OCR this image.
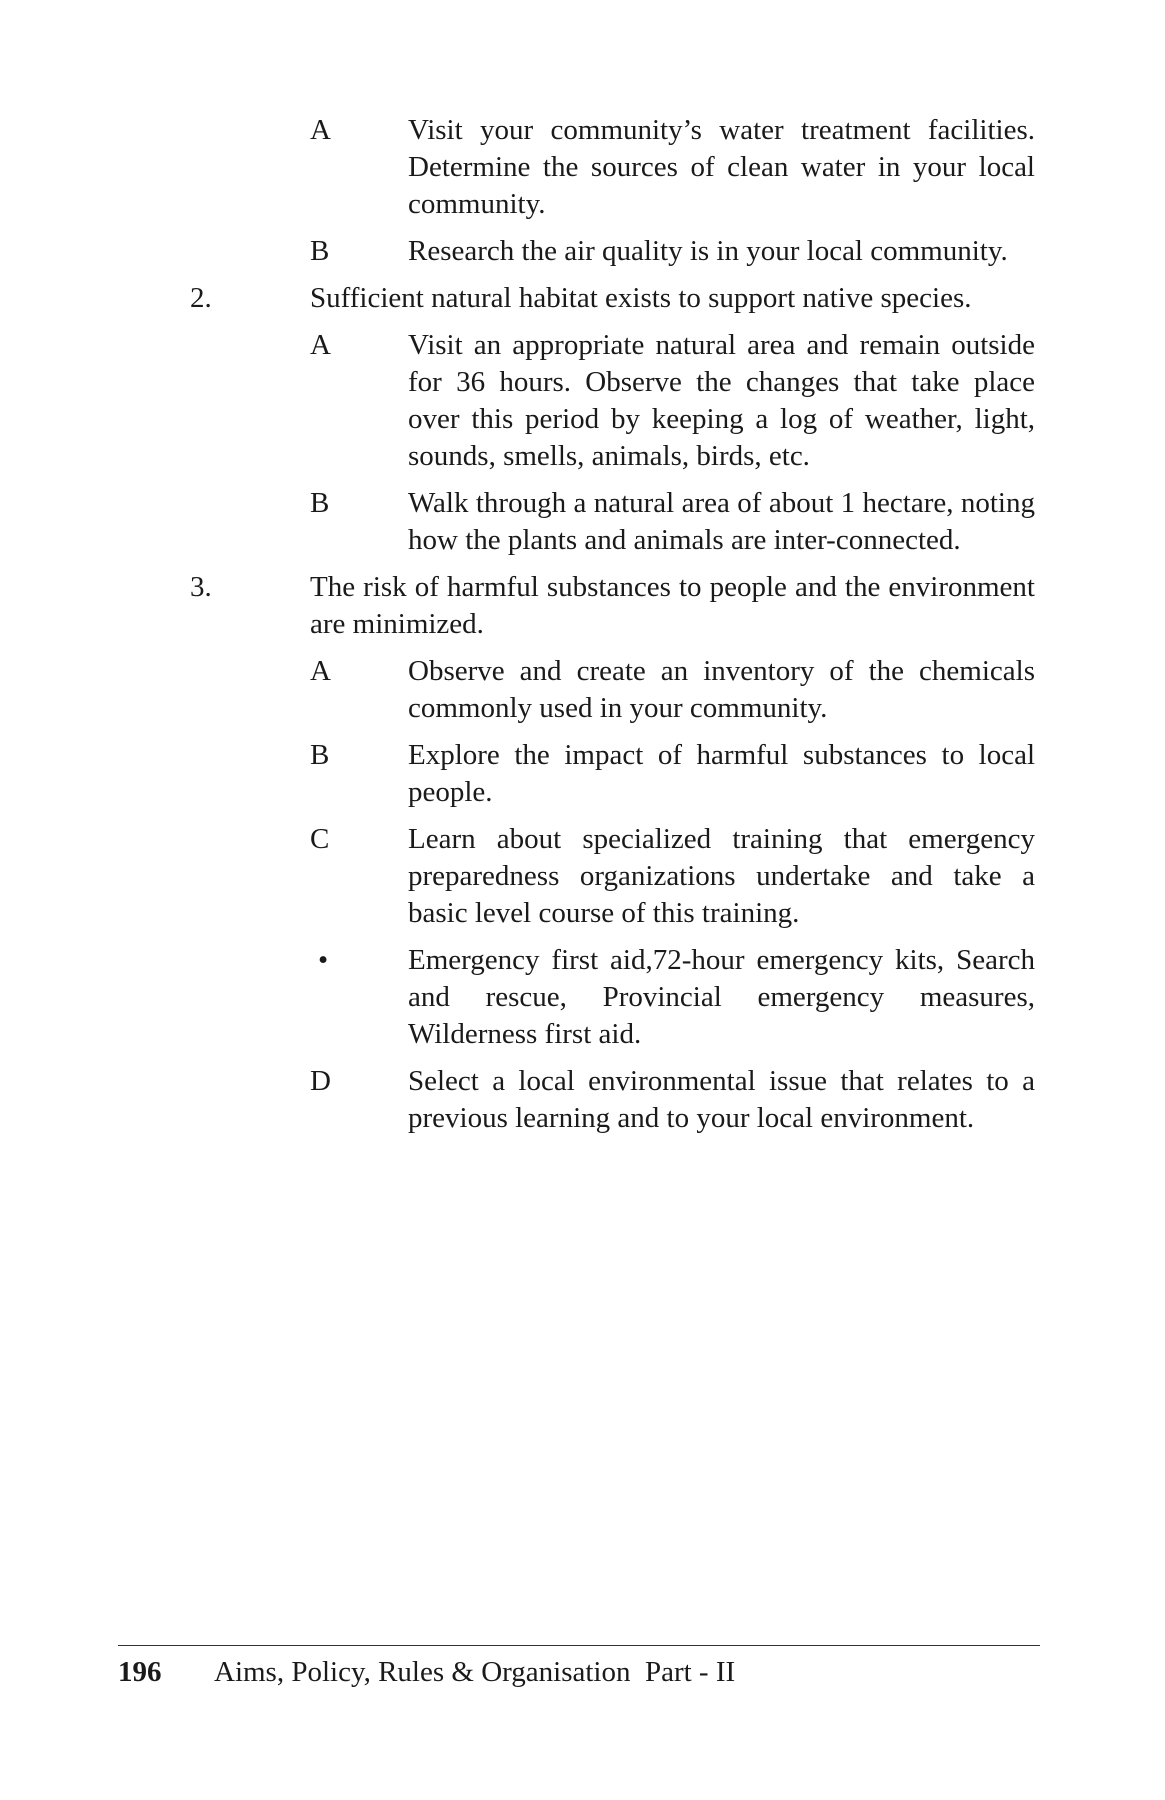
A	Visit your community’s water treatment facilities. Determine the sources of clean water in your local community.
B	Research the air quality is in your local community.
2.	Sufficient natural habitat exists to support native species.
A	Visit an appropriate natural area and remain outside for 36 hours. Observe the changes that take place over this period by keeping a log of weather, light, sounds, smells, animals, birds, etc.
B	Walk through a natural area of about 1 hectare, noting how the plants and animals are inter-connected.
3.	The risk of harmful substances to people and the environment are minimized.
A	Observe and create an inventory of the chemicals commonly used in your community.
B	Explore the impact of harmful substances to local people.
C	Learn about specialized training that emergency preparedness organizations undertake and take a basic level course of this training.
•	Emergency first aid,72-hour emergency kits, Search and rescue, Provincial emergency measures, Wilderness first aid.
D	Select a local environmental issue that relates to a previous learning and to your local environment.
196	Aims, Policy, Rules & Organisation  Part - II
